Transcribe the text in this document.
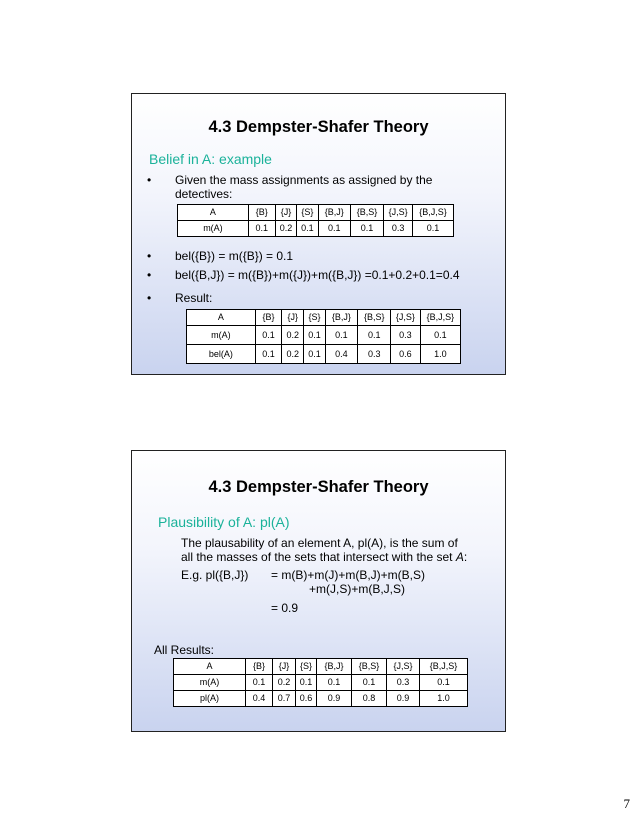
4.3 Dempster-Shafer Theory
Belief in A: example
• Given the mass assignments as assigned by the
detectives:
A	{B}	{J}	{S}	{B,J}	{B,S}	{J,S}	{B,J,S}
m(A)	0.1	0.2	0.1	0.1	0.1	0.3	0.1
• bel({B}) = m({B}) = 0.1
• bel({B,J}) = m({B})+m({J})+m({B,J}) =0.1+0.2+0.1=0.4
• Result:
A	{B}	{J}	{S}	{B,J}	{B,S}	{J,S}	{B,J,S}
m(A)	0.1	0.2	0.1	0.1	0.1	0.3	0.1
bel(A)	0.1	0.2	0.1	0.4	0.3	0.6	1.0
4.3 Dempster-Shafer Theory
Plausibility of A: pl(A)
The plausability of an element A, pl(A), is the sum of
all the masses of the sets that intersect with the set A:
E.g. pl({B,J}) = m(B)+m(J)+m(B,J)+m(B,S)
+m(J,S)+m(B,J,S)
= 0.9
All Results:
A	{B}	{J}	{S}	{B,J}	{B,S}	{J,S}	{B,J,S}
m(A)	0.1	0.2	0.1	0.1	0.1	0.3	0.1
pl(A)	0.4	0.7	0.6	0.9	0.8	0.9	1.0
7
